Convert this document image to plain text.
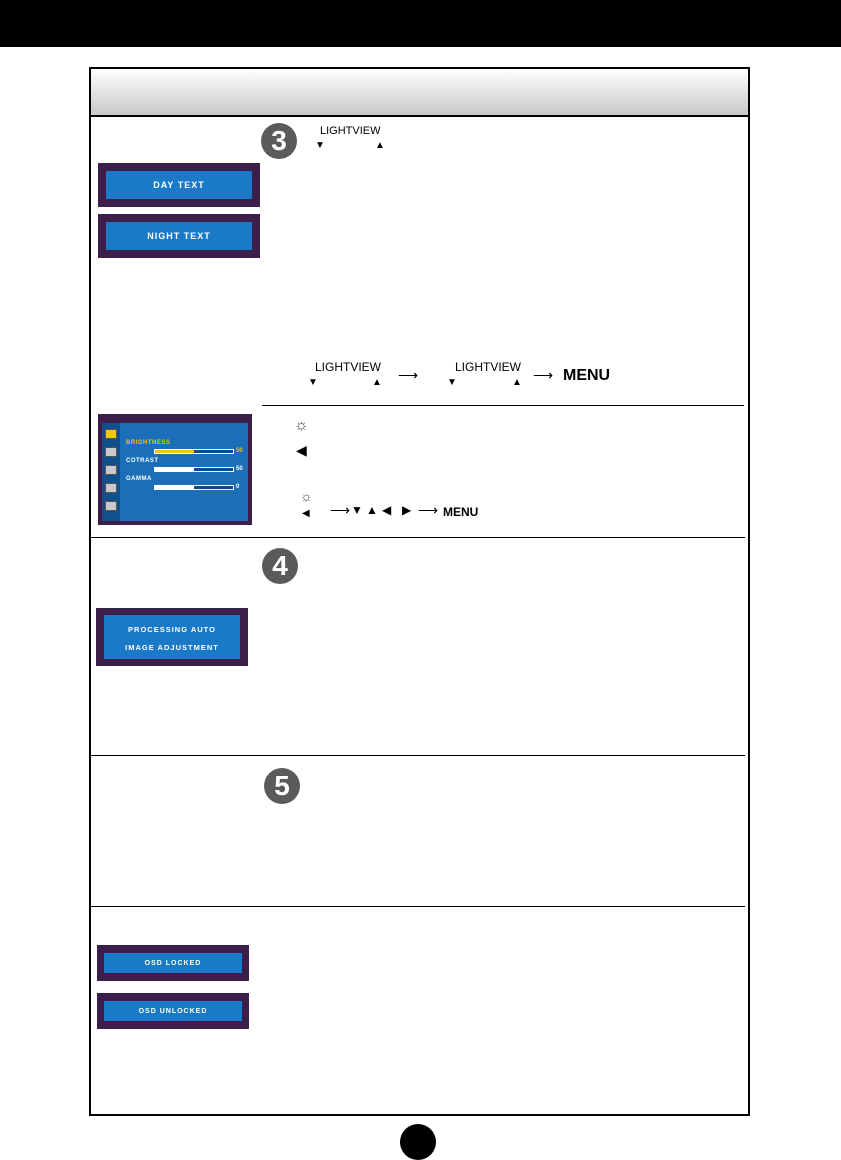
3	LIGHTVIEW
▼	▲
DAY TEXT
NIGHT TEXT
LIGHTVIEW
▼	▲ ⟶	LIGHTVIEW
▼	▲ ⟶ MENU
☼
◀
☼
◀ ⟶ ▼ ▲ ◀ ▶ ⟶ MENU
BRIGHTNESS
50
COTRAST
50
GAMMA
0
4
PROCESSING AUTO
IMAGE ADJUSTMENT
5
OSD LOCKED
OSD UNLOCKED
